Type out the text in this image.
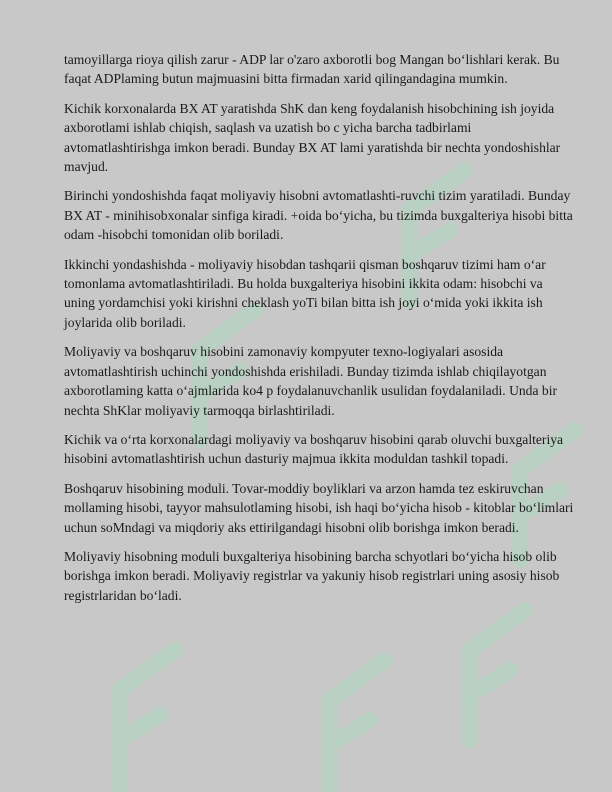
tamoyillarga rioya qilish zarur - ADP lar o'zaro axborotli bog Mangan bo‘lishlari kerak. Bu faqat ADPlaming butun majmuasini bitta firmadan xarid qilingandagina mumkin.

Kichik korxonalarda BX AT yaratishda ShK dan keng foydalanish hisobchining ish joyida axborotlami ishlab chiqish, saqlash va uzatish bo c yicha barcha tadbirlami avtomatlashtirishga imkon beradi. Bunday BX AT lami yaratishda bir nechta yondoshishlar mavjud.

Birinchi yondoshishda faqat moliyaviy hisobni avtomatlashti-ruvchi tizim yaratiladi. Bunday BX AT - minihisobxonalar sinfiga kiradi. +oida bo‘yicha, bu tizimda buxgalteriya hisobi bitta odam -hisobchi tomonidan olib boriladi.

Ikkinchi yondashishda - moliyaviy hisobdan tashqarii qisman boshqaruv tizimi ham o‘ar tomonlama avtomatlashtiriladi. Bu holda buxgalteriya hisobini ikkita odam: hisobchi va uning yordamchisi yoki kirishni cheklash yoTi bilan bitta ish joyi o‘mida yoki ikkita ish joylarida olib boriladi.

Moliyaviy va boshqaruv hisobini zamonaviy kompyuter texno-logiyalari asosida avtomatlashtirish uchinchi yondoshishda erishiladi. Bunday tizimda ishlab chiqilayotgan axborotlaming katta o‘ajmlarida ko4 p foydalanuvchanlik usulidan foydalaniladi. Unda bir nechta ShKlar moliyaviy tarmoqqa birlashtiriladi.

Kichik va o‘rta korxonalardagi moliyaviy va boshqaruv hisobini qarab oluvchi buxgalteriya hisobini avtomatlashtirish uchun dasturiy majmua ikkita moduldan tashkil topadi.

Boshqaruv hisobining moduli. Tovar-moddiy boyliklari va arzon hamda tez eskiruvchan mollaming hisobi, tayyor mahsulotlaming hisobi, ish haqi bo‘yicha hisob - kitoblar bo‘limlari uchun soMndagi va miqdoriy aks ettirilgandagi hisobni olib borishga imkon beradi.

Moliyaviy hisobning moduli buxgalteriya hisobining barcha schyotlari bo‘yicha hisob olib borishga imkon beradi. Moliyaviy registrlar va yakuniy hisob registrlari uning asosiy hisob registrlaridan bo‘ladi.
